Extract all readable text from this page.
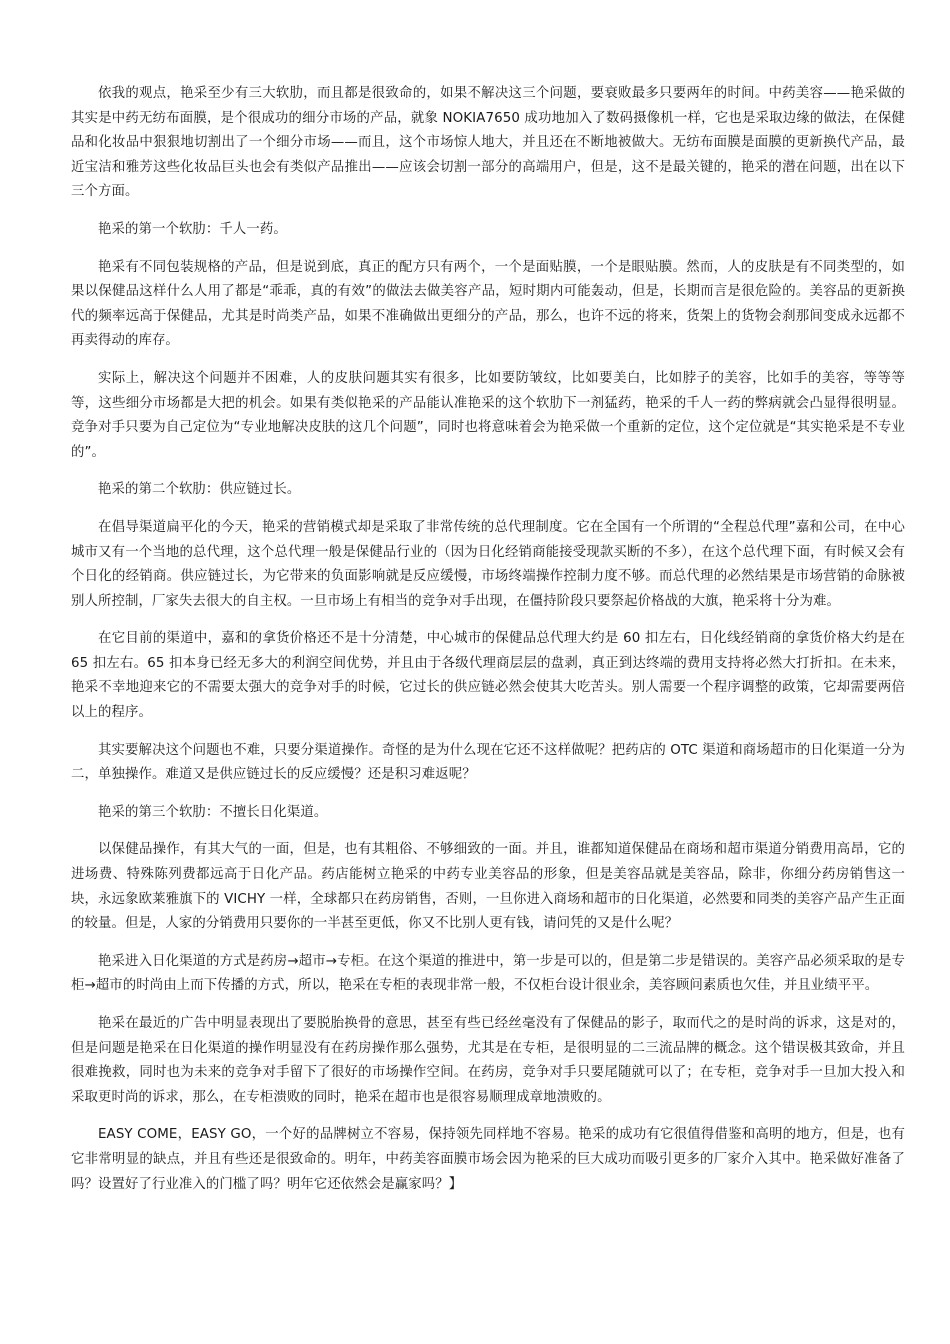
依我的观点，艳采至少有三大软肋，而且都是很致命的，如果不解决这三个问题，要衰败最多只要两年的时间。中药美容——艳采做的其实是中药无纺布面膜，是个很成功的细分市场的产品，就象 NOKIA7650 成功地加入了数码摄像机一样，它也是采取边缘的做法，在保健品和化妆品中狠狠地切割出了一个细分市场——而且，这个市场惊人地大，并且还在不断地被做大。无纺布面膜是面膜的更新换代产品，最近宝洁和雅芳这些化妆品巨头也会有类似产品推出——应该会切割一部分的高端用户，但是，这不是最关键的，艳采的潜在问题，出在以下三个方面。

艳采的第一个软肋：千人一药。

艳采有不同包装规格的产品，但是说到底，真正的配方只有两个，一个是面贴膜，一个是眼贴膜。然而，人的皮肤是有不同类型的，如果以保健品这样什么人用了都是“乖乖，真的有效”的做法去做美容产品，短时期内可能轰动，但是，长期而言是很危险的。美容品的更新换代的频率远高于保健品，尤其是时尚类产品，如果不准确做出更细分的产品，那么，也许不远的将来，货架上的货物会刹那间变成永远都不再卖得动的库存。

实际上，解决这个问题并不困难，人的皮肤问题其实有很多，比如要防皱纹，比如要美白，比如脖子的美容，比如手的美容，等等等等，这些细分市场都是大把的机会。如果有类似艳采的产品能认准艳采的这个软肋下一剂猛药，艳采的千人一药的弊病就会凸显得很明显。竞争对手只要为自己定位为“专业地解决皮肤的这几个问题”，同时也将意味着会为艳采做一个重新的定位，这个定位就是“其实艳采是不专业的”。

艳采的第二个软肋：供应链过长。

在倡导渠道扁平化的今天，艳采的营销模式却是采取了非常传统的总代理制度。它在全国有一个所谓的“全程总代理”嘉和公司，在中心城市又有一个当地的总代理，这个总代理一般是保健品行业的（因为日化经销商能接受现款买断的不多），在这个总代理下面，有时候又会有个日化的经销商。供应链过长，为它带来的负面影响就是反应缓慢，市场终端操作控制力度不够。而总代理的必然结果是市场营销的命脉被别人所控制，厂家失去很大的自主权。一旦市场上有相当的竞争对手出现，在僵持阶段只要祭起价格战的大旗，艳采将十分为难。

在它目前的渠道中，嘉和的拿货价格还不是十分清楚，中心城市的保健品总代理大约是 60 扣左右，日化线经销商的拿货价格大约是在 65 扣左右。65 扣本身已经无多大的利润空间优势，并且由于各级代理商层层的盘剥，真正到达终端的费用支持将必然大打折扣。在未来，艳采不幸地迎来它的不需要太强大的竞争对手的时候，它过长的供应链必然会使其大吃苦头。别人需要一个程序调整的政策，它却需要两倍以上的程序。

其实要解决这个问题也不难，只要分渠道操作。奇怪的是为什么现在它还不这样做呢？把药店的 OTC 渠道和商场超市的日化渠道一分为二，单独操作。难道又是供应链过长的反应缓慢？还是积习难返呢？

艳采的第三个软肋：不擅长日化渠道。

以保健品操作，有其大气的一面，但是，也有其粗俗、不够细致的一面。并且，谁都知道保健品在商场和超市渠道分销费用高昂，它的进场费、特殊陈列费都远高于日化产品。药店能树立艳采的中药专业美容品的形象，但是美容品就是美容品，除非，你细分药房销售这一块，永远象欧莱雅旗下的 VICHY 一样，全球都只在药房销售，否则，一旦你进入商场和超市的日化渠道，必然要和同类的美容产品产生正面的较量。但是，人家的分销费用只要你的一半甚至更低，你又不比别人更有钱，请问凭的又是什么呢？

艳采进入日化渠道的方式是药房→超市→专柜。在这个渠道的推进中，第一步是可以的，但是第二步是错误的。美容产品必须采取的是专柜→超市的时尚由上而下传播的方式，所以，艳采在专柜的表现非常一般，不仅柜台设计很业余，美容顾问素质也欠佳，并且业绩平平。

艳采在最近的广告中明显表现出了要脱胎换骨的意思，甚至有些已经丝毫没有了保健品的影子，取而代之的是时尚的诉求，这是对的，但是问题是艳采在日化渠道的操作明显没有在药房操作那么强势，尤其是在专柜，是很明显的二三流品牌的概念。这个错误极其致命，并且很难挽救，同时也为未来的竞争对手留下了很好的市场操作空间。在药房，竞争对手只要尾随就可以了；在专柜，竞争对手一旦加大投入和采取更时尚的诉求，那么，在专柜溃败的同时，艳采在超市也是很容易顺理成章地溃败的。

EASY COME，EASY GO，一个好的品牌树立不容易，保持领先同样地不容易。艳采的成功有它很值得借鉴和高明的地方，但是，也有它非常明显的缺点，并且有些还是很致命的。明年，中药美容面膜市场会因为艳采的巨大成功而吸引更多的厂家介入其中。艳采做好准备了吗？设置好了行业准入的门槛了吗？明年它还依然会是赢家吗？】
